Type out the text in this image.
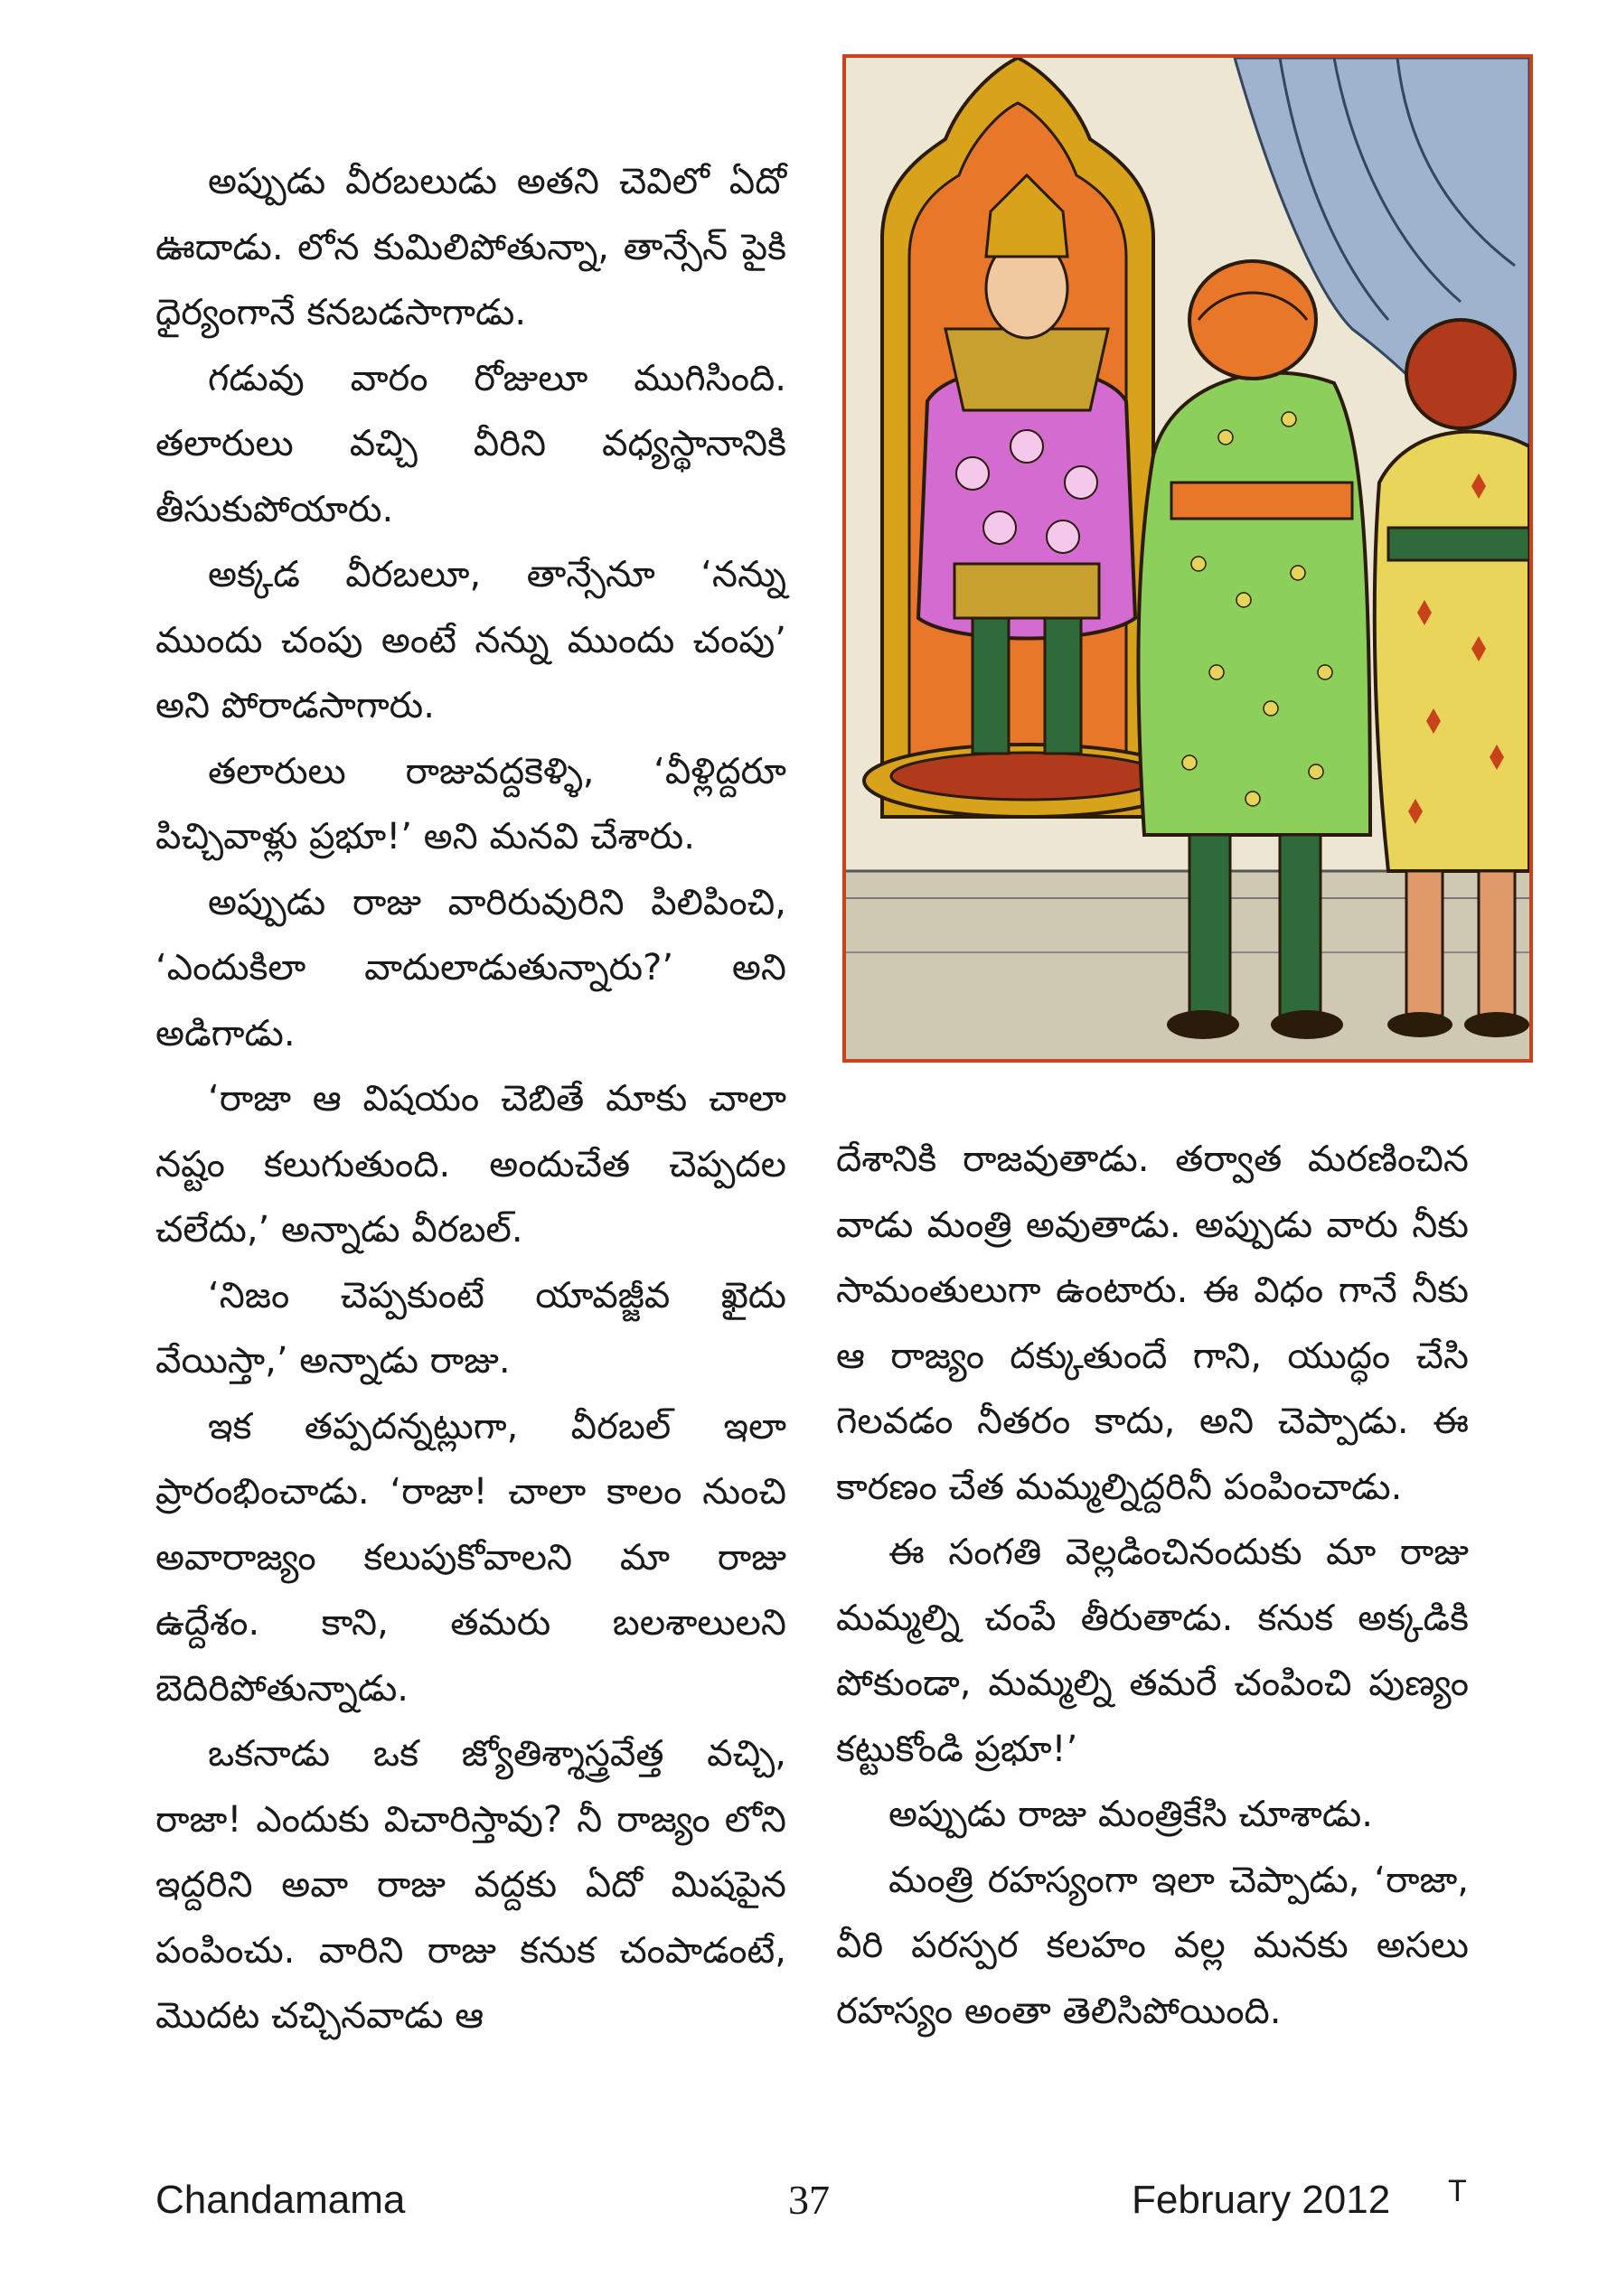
అప్పుడు వీరబలుడు అతని చెవిలో ఏదో ఊదాడు. లోన కుమిలిపోతున్నా, తాన్సేన్ పైకి ధైర్యంగానే కనబడసాగాడు.

గడువు వారం రోజులూ ముగిసింది. తలారులు వచ్చి వీరిని వధ్యస్థానానికి తీసుకుపోయారు.

అక్కడ వీరబలూ, తాన్సేనూ ‘నన్ను ముందు చంపు అంటే నన్ను ముందు చంపు’ అని పోరాడసాగారు.

తలారులు రాజువద్దకెళ్ళి, ‘వీళ్లిద్దరూ పిచ్చివాళ్లు ప్రభూ!’ అని మనవి చేశారు.

అప్పుడు రాజు వారిరువురిని పిలిపించి, ‘ఎందుకిలా వాదులాడుతున్నారు?’ అని అడిగాడు.

‘రాజా ఆ విషయం చెబితే మాకు చాలా నష్టం కలుగుతుంది. అందుచేత చెప్పదల చలేదు,’ అన్నాడు వీరబల్.

‘నిజం చెప్పకుంటే యావజ్జీవ ఖైదు వేయిస్తా,’ అన్నాడు రాజు.

ఇక తప్పదన్నట్లుగా, వీరబల్ ఇలా ప్రారంభించాడు. ‘రాజా! చాలా కాలం నుంచి అవారాజ్యం కలుపుకోవాలని మా రాజు ఉద్దేశం. కాని, తమరు బలశాలులని బెదిరిపోతున్నాడు.

ఒకనాడు ఒక జ్యోతిశ్శాస్త్రవేత్త వచ్చి, రాజా! ఎందుకు విచారిస్తావు? నీ రాజ్యం లోని ఇద్దరిని అవా రాజు వద్దకు ఏదో మిషపైన పంపించు. వారిని రాజు కనుక చంపాడంటే, మొదట చచ్చినవాడు ఆ

దేశానికి రాజవుతాడు. తర్వాత మరణించిన వాడు మంత్రి అవుతాడు. అప్పుడు వారు నీకు సామంతులుగా ఉంటారు. ఈ విధం గానే నీకు ఆ రాజ్యం దక్కుతుందే గాని, యుద్ధం చేసి గెలవడం నీతరం కాదు, అని చెప్పాడు. ఈ కారణం చేత మమ్మల్నిద్దరినీ పంపించాడు.

ఈ సంగతి వెల్లడించినందుకు మా రాజు మమ్మల్ని చంపే తీరుతాడు. కనుక అక్కడికి పోకుండా, మమ్మల్ని తమరే చంపించి పుణ్యం కట్టుకోండి ప్రభూ!’

అప్పుడు రాజు మంత్రికేసి చూశాడు.

మంత్రి రహస్యంగా ఇలా చెప్పాడు, ‘రాజా, వీరి పరస్పర కలహం వల్ల మనకు అసలు రహస్యం అంతా తెలిసిపోయింది.

Chandamama	37	February 2012 T
